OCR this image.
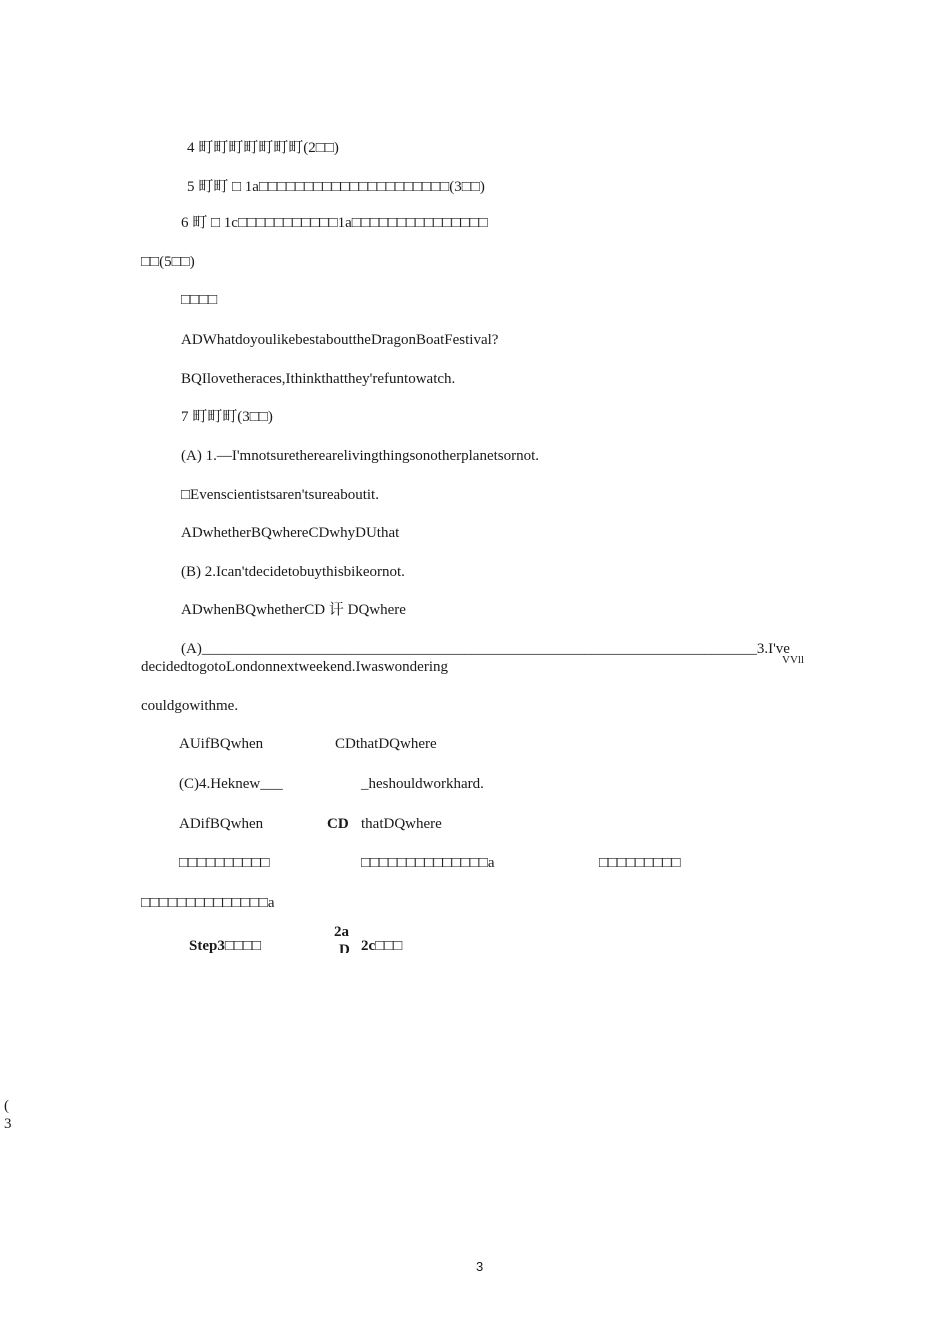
4 町町町町町町町(2□□)
5 町町 □ 1a□□□□□□□□□□□□□□□□□□□□□(3□□)
6 町 □ 1c□□□□□□□□□□□1a□□□□□□□□□□□□□□□
□□(5□□)
□□□□
ADWhatdoyoulikebestabouttheDragonBoatFestival?
BQIlovetheraces,Ithinkthatthey'refuntowatch.
7 町町町(3□□)
(A) 1.—I'mnotsuretherearelivingthingsonotherplanetsornot.
□Evenscientistsaren'tsureaboutit.
ADwhetherBQwhereCDwhyDUthat
(B) 2.Ican'tdecidetobuythisbikeornot.
ADwhenBQwhetherCD 讦 DQwhere
(A)__________________________________________________________________________3.I've
VVll
decidedtogotoLondonnextweekend.Iwaswondering
couldgowithme.
AUifBQwhen	CDthatDQwhere
(C)4.Heknew___	_heshouldworkhard.
ADifBQwhen	CD thatDQwhere
□□□□□□□□□□	□□□□□□□□□□□□□□a	□□□□□□□□□
□□□□□□□□□□□□□□a
Step3□□□□
2a
D 2c□□□
(
3
3
